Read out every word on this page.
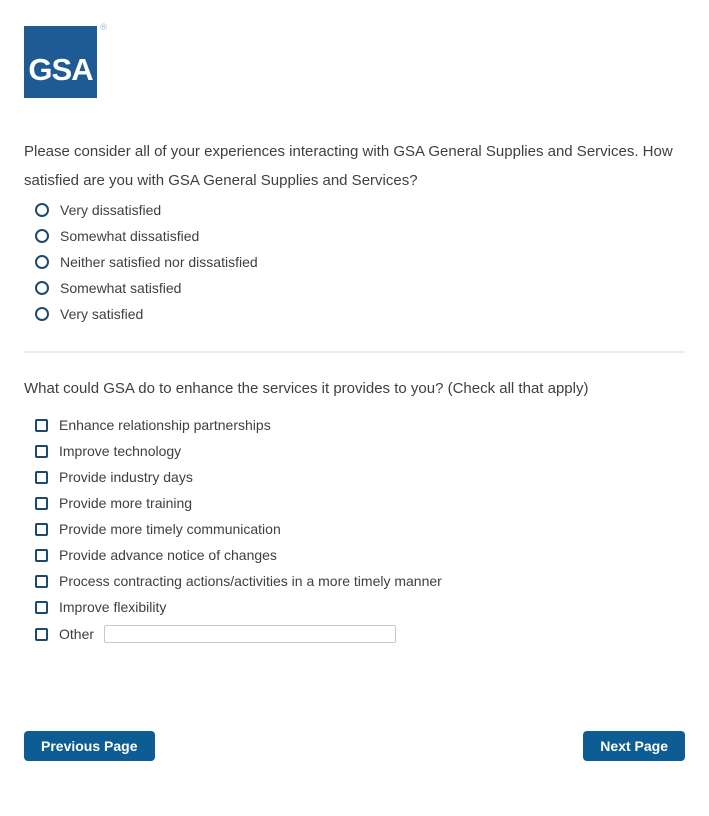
GSA
®

Please consider all of your experiences interacting with GSA General Supplies and Services. How satisfied are you with GSA General Supplies and Services?

Very dissatisfied
Somewhat dissatisfied
Neither satisfied nor dissatisfied
Somewhat satisfied
Very satisfied

What could GSA do to enhance the services it provides to you? (Check all that apply)

Enhance relationship partnerships
Improve technology
Provide industry days
Provide more training
Provide more timely communication
Provide advance notice of changes
Process contracting actions/activities in a more timely manner
Improve flexibility
Other
Previous Page	Next Page
